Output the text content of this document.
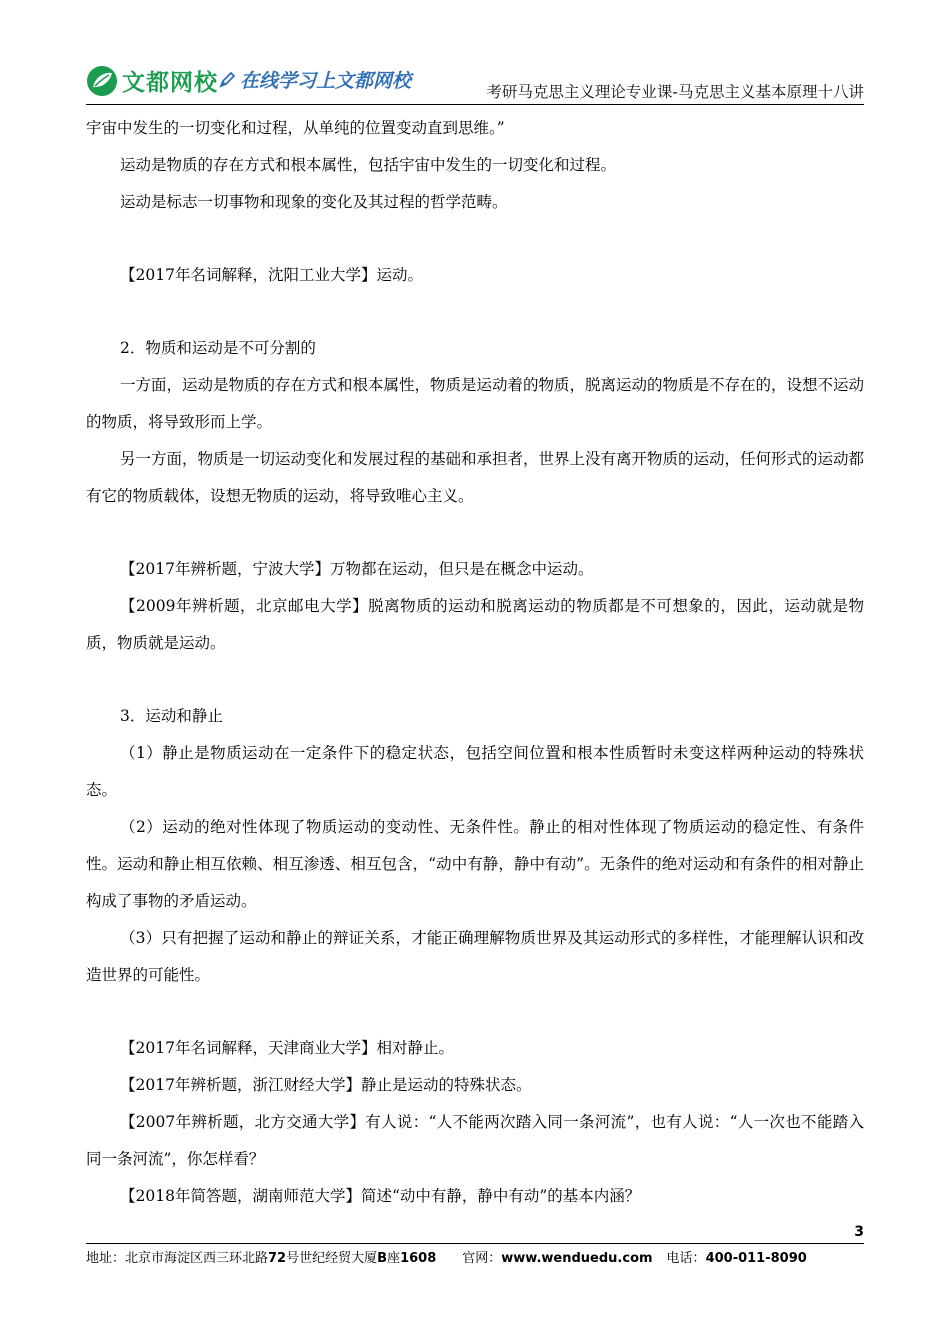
文都网校 在线学习上文都网校	考研马克思主义理论专业课-马克思主义基本原理十八讲

宇宙中发生的一切变化和过程，从单纯的位置变动直到思维。”

运动是物质的存在方式和根本属性，包括宇宙中发生的一切变化和过程。

运动是标志一切事物和现象的变化及其过程的哲学范畴。

【2017年名词解释，沈阳工业大学】运动。

2．物质和运动是不可分割的

一方面，运动是物质的存在方式和根本属性，物质是运动着的物质，脱离运动的物质是不存在的，设想不运动的物质，将导致形而上学。

另一方面，物质是一切运动变化和发展过程的基础和承担者，世界上没有离开物质的运动，任何形式的运动都有它的物质载体，设想无物质的运动，将导致唯心主义。

【2017年辨析题，宁波大学】万物都在运动，但只是在概念中运动。

【2009年辨析题，北京邮电大学】脱离物质的运动和脱离运动的物质都是不可想象的，因此，运动就是物质，物质就是运动。

3．运动和静止

（1）静止是物质运动在一定条件下的稳定状态，包括空间位置和根本性质暂时未变这样两种运动的特殊状态。

（2）运动的绝对性体现了物质运动的变动性、无条件性。静止的相对性体现了物质运动的稳定性、有条件性。运动和静止相互依赖、相互渗透、相互包含，“动中有静，静中有动”。无条件的绝对运动和有条件的相对静止构成了事物的矛盾运动。

（3）只有把握了运动和静止的辩证关系，才能正确理解物质世界及其运动形式的多样性，才能理解认识和改造世界的可能性。

【2017年名词解释，天津商业大学】相对静止。

【2017年辨析题，浙江财经大学】静止是运动的特殊状态。

【2007年辨析题，北方交通大学】有人说：“人不能两次踏入同一条河流”，也有人说：“人一次也不能踏入同一条河流”，你怎样看？

【2018年简答题，湖南师范大学】简述“动中有静，静中有动”的基本内涵？

3
地址：北京市海淀区西三环北路72号世纪经贸大厦B座1608 官网：www.wenduedu.com 电话：400-011-8090
